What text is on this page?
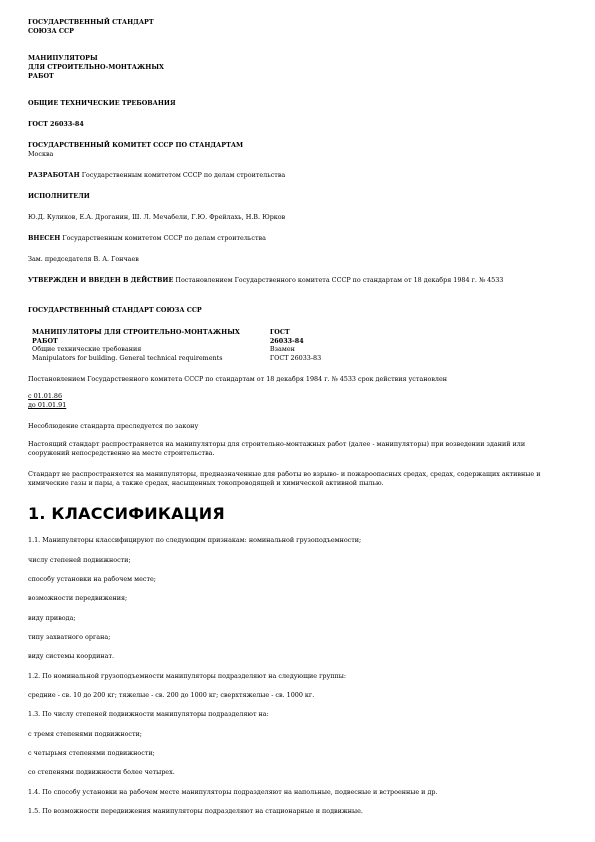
ГОСУДАРСТВЕННЫЙ СТАНДАРТ
СОЮЗА ССР
МАНИПУЛЯТОРЫ
ДЛЯ СТРОИТЕЛЬНО-МОНТАЖНЫХ
РАБОТ
ОБЩИЕ ТЕХНИЧЕСКИЕ ТРЕБОВАНИЯ
ГОСТ 26033-84
ГОСУДАРСТВЕННЫЙ КОМИТЕТ СССР ПО СТАНДАРТАМ
Москва
РАЗРАБОТАН Государственным комитетом СССР по делам строительства
ИСПОЛНИТЕЛИ
Ю.Д. Куликов, Е.А. Дроганин, Ш. Л. Мечабели, Г.Ю. Фрейлахь, Н.В. Юрков
ВНЕСЕН Государственным комитетом СССР по делам строительства
Зам. председателя В. А. Гончаев
УТВЕРЖДЕН И ВВЕДЕН В ДЕЙСТВИЕ Постановлением Государственного комитета СССР по стандартам от 18 декабря 1984 г. № 4533
ГОСУДАРСТВЕННЫЙ СТАНДАРТ СОЮЗА ССР
МАНИПУЛЯТОРЫ ДЛЯ СТРОИТЕЛЬНО-МОНТАЖНЫХ	ГОСТ
РАБОТ	26033-84
Общие технические требования	Взамен
Manipulators for building. General technical requirements	ГОСТ 26033-83
Постановлением Государственного комитета СССР по стандартам от 18 декабря 1984 г. № 4533 срок действия установлен
с 01.01.86
до 01.01.91
Несоблюдение стандарта преследуется по закону
Настоящий стандарт распространяется на манипуляторы для строительно-монтажных работ (далее - манипуляторы) при возведении зданий или сооружений непосредственно на месте строительства.
Стандарт не распространяется на манипуляторы, предназначенные для работы во взрыво- и пожароопасных средах, средах, содержащих активные и химические газы и пары, а также средах, насыщенных токопроводящей и химической активной пылью.
1. КЛАССИФИКАЦИЯ
1.1. Манипуляторы классифицируют по следующим признакам: номинальной грузоподъемности;
числу степеней подвижности;
способу установки на рабочем месте;
возможности передвижения;
виду привода;
типу захватного органа;
виду системы координат.
1.2. По номинальной грузоподъемности манипуляторы подразделяют на следующие группы:
средние - св. 10 до 200 кг; тяжелые - св. 200 до 1000 кг; сверхтяжелые - св. 1000 кг.
1.3. По числу степеней подвижности манипуляторы подразделяют на:
с тремя степенями подвижности;
с четырьмя степенями подвижности;
со степенями подвижности более четырех.
1.4. По способу установки на рабочем месте манипуляторы подразделяют на напольные, подвесные и встроенные и др.
1.5. По возможности передвижения манипуляторы подразделяют на стационарные и подвижные.
